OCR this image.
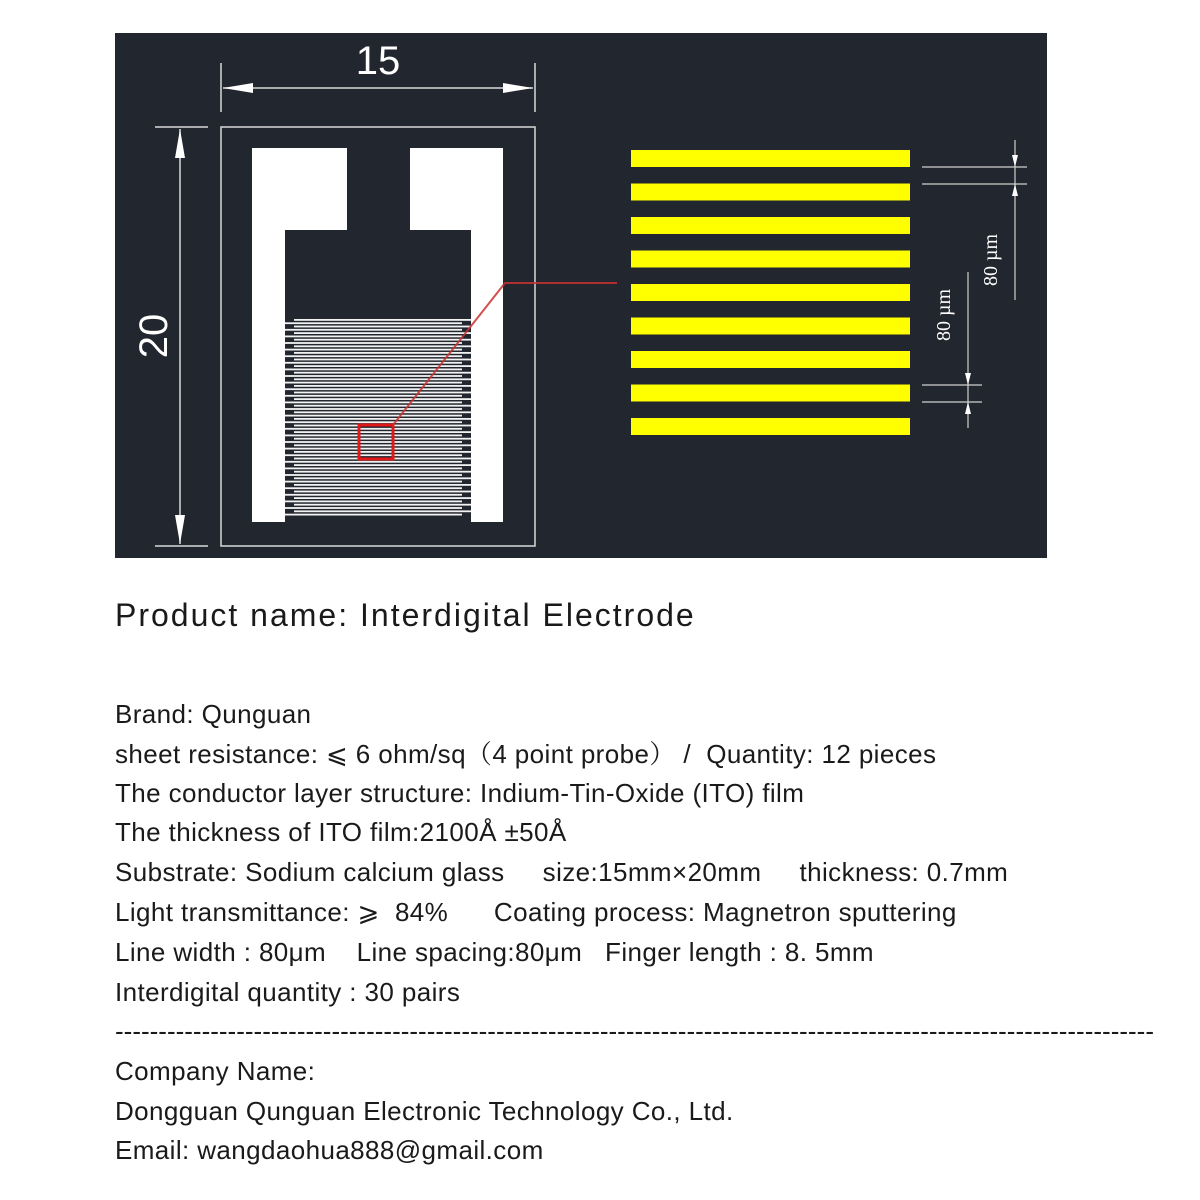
15
20
80 µm
80 µm
Product name: Interdigital Electrode
Brand: Qunguan
sheet resistance: ⩽ 6 ohm/sq（4 point probe） /  Quantity: 12 pieces
The conductor layer structure: Indium-Tin-Oxide (ITO) film
The thickness of ITO film:2100Å ±50Å
Substrate: Sodium calcium glass     size:15mm×20mm     thickness: 0.7mm
Light transmittance: ⩾  84%      Coating process: Magnetron sputtering
Line width : 80μm    Line spacing:80μm   Finger length : 8. 5mm
Interdigital quantity : 30 pairs
------------------------------------------------------------------------------------------------------------------------
Company Name:
Dongguan Qunguan Electronic Technology Co., Ltd.
Email: wangdaohua888@gmail.com
